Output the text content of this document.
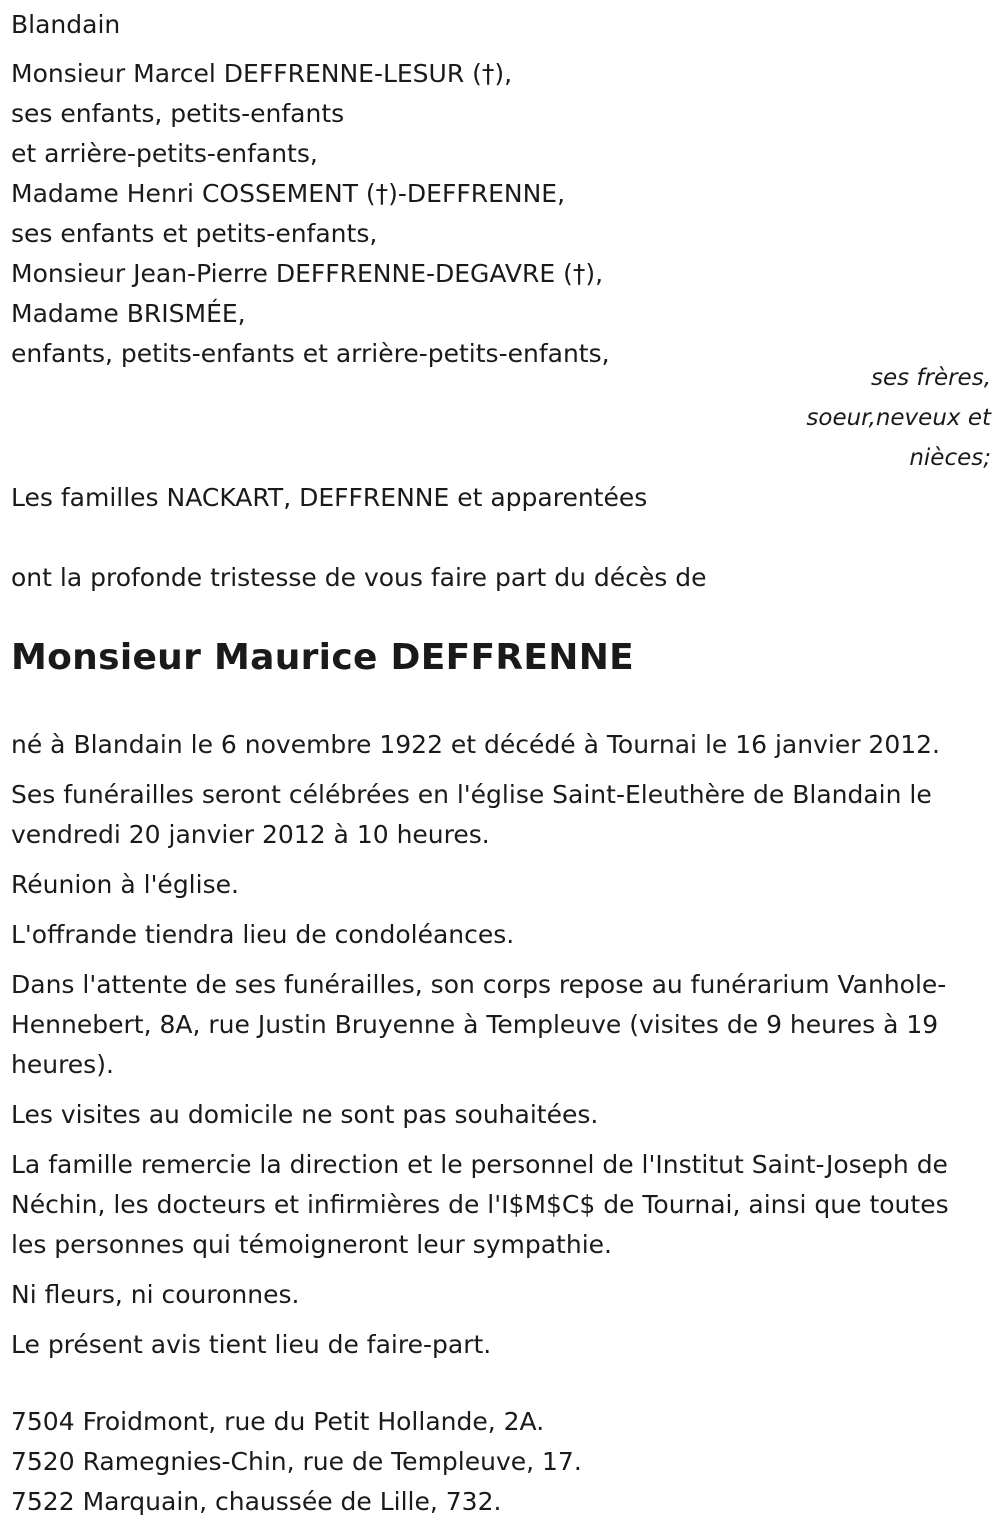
Blandain
Monsieur Marcel DEFFRENNE-LESUR (†),
ses enfants, petits-enfants
et arrière-petits-enfants,
Madame Henri COSSEMENT (†)-DEFFRENNE,
ses enfants et petits-enfants,
Monsieur Jean-Pierre DEFFRENNE-DEGAVRE (†),
Madame BRISMÉE,
enfants, petits-enfants et arrière-petits-enfants,
ses frères,
soeur,neveux et
nièces;
Les familles NACKART, DEFFRENNE et apparentées
ont la profonde tristesse de vous faire part du décès de
Monsieur Maurice DEFFRENNE

né à Blandain le 6 novembre 1922 et décédé à Tournai le 16 janvier 2012.

Ses funérailles seront célébrées en l'église Saint-Eleuthère de Blandain le vendredi 20 janvier 2012 à 10 heures.

Réunion à l'église.

L'offrande tiendra lieu de condoléances.

Dans l'attente de ses funérailles, son corps repose au funérarium Vanhole-Hennebert, 8A, rue Justin Bruyenne à Templeuve (visites de 9 heures à 19 heures).

Les visites au domicile ne sont pas souhaitées.

La famille remercie la direction et le personnel de l'Institut Saint-Joseph de Néchin, les docteurs et infirmières de l'I$M$C$ de Tournai, ainsi que toutes les personnes qui témoigneront leur sympathie.

Ni fleurs, ni couronnes.

Le présent avis tient lieu de faire-part.

7504 Froidmont, rue du Petit Hollande, 2A.
7520 Ramegnies-Chin, rue de Templeuve, 17.
7522 Marquain, chaussée de Lille, 732.
